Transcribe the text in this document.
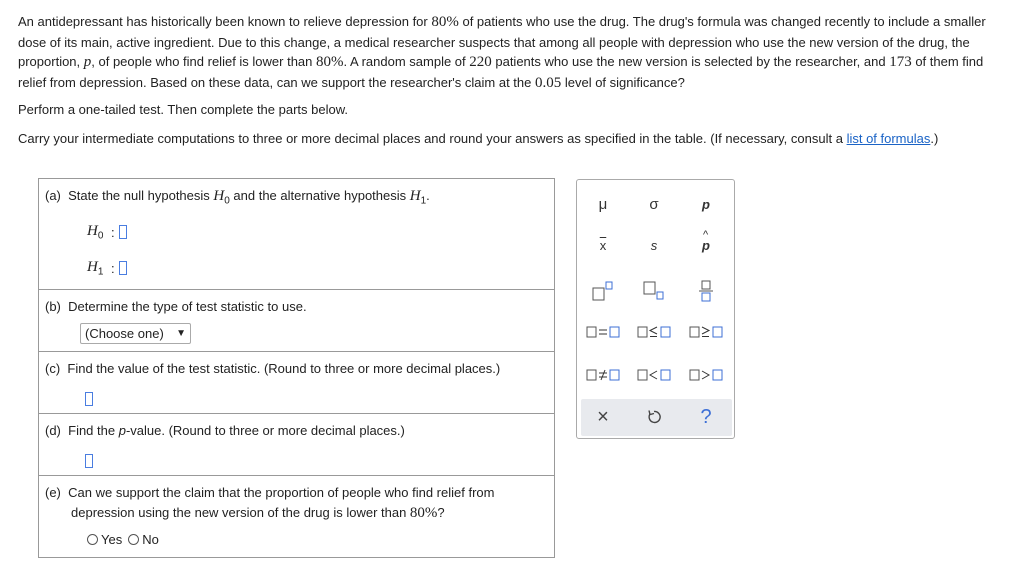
An antidepressant has historically been known to relieve depression for 80% of patients who use the drug. The drug's formula was changed recently to include a smaller dose of its main, active ingredient. Due to this change, a medical researcher suspects that among all people with depression who use the new version of the drug, the proportion, p, of people who find relief is lower than 80%. A random sample of 220 patients who use the new version is selected by the researcher, and 173 of them find relief from depression. Based on these data, can we support the researcher's claim at the 0.05 level of significance?
Perform a one-tailed test. Then complete the parts below.
Carry your intermediate computations to three or more decimal places and round your answers as specified in the table. (If necessary, consult a list of formulas.)
(a) State the null hypothesis $H_0$ and the alternative hypothesis $H_1$.
$H_0$ :
$H_1$ :
(b) Determine the type of test statistic to use.
(Choose one) ▼
(c) Find the value of the test statistic. (Round to three or more decimal places.)
(d) Find the p-value. (Round to three or more decimal places.)
(e) Can we support the claim that the proportion of people who find relief from
depression using the new version of the drug is lower than 80%?
Yes No
μ	σ	p
$\overline{x}$	s
^
p
×	?
